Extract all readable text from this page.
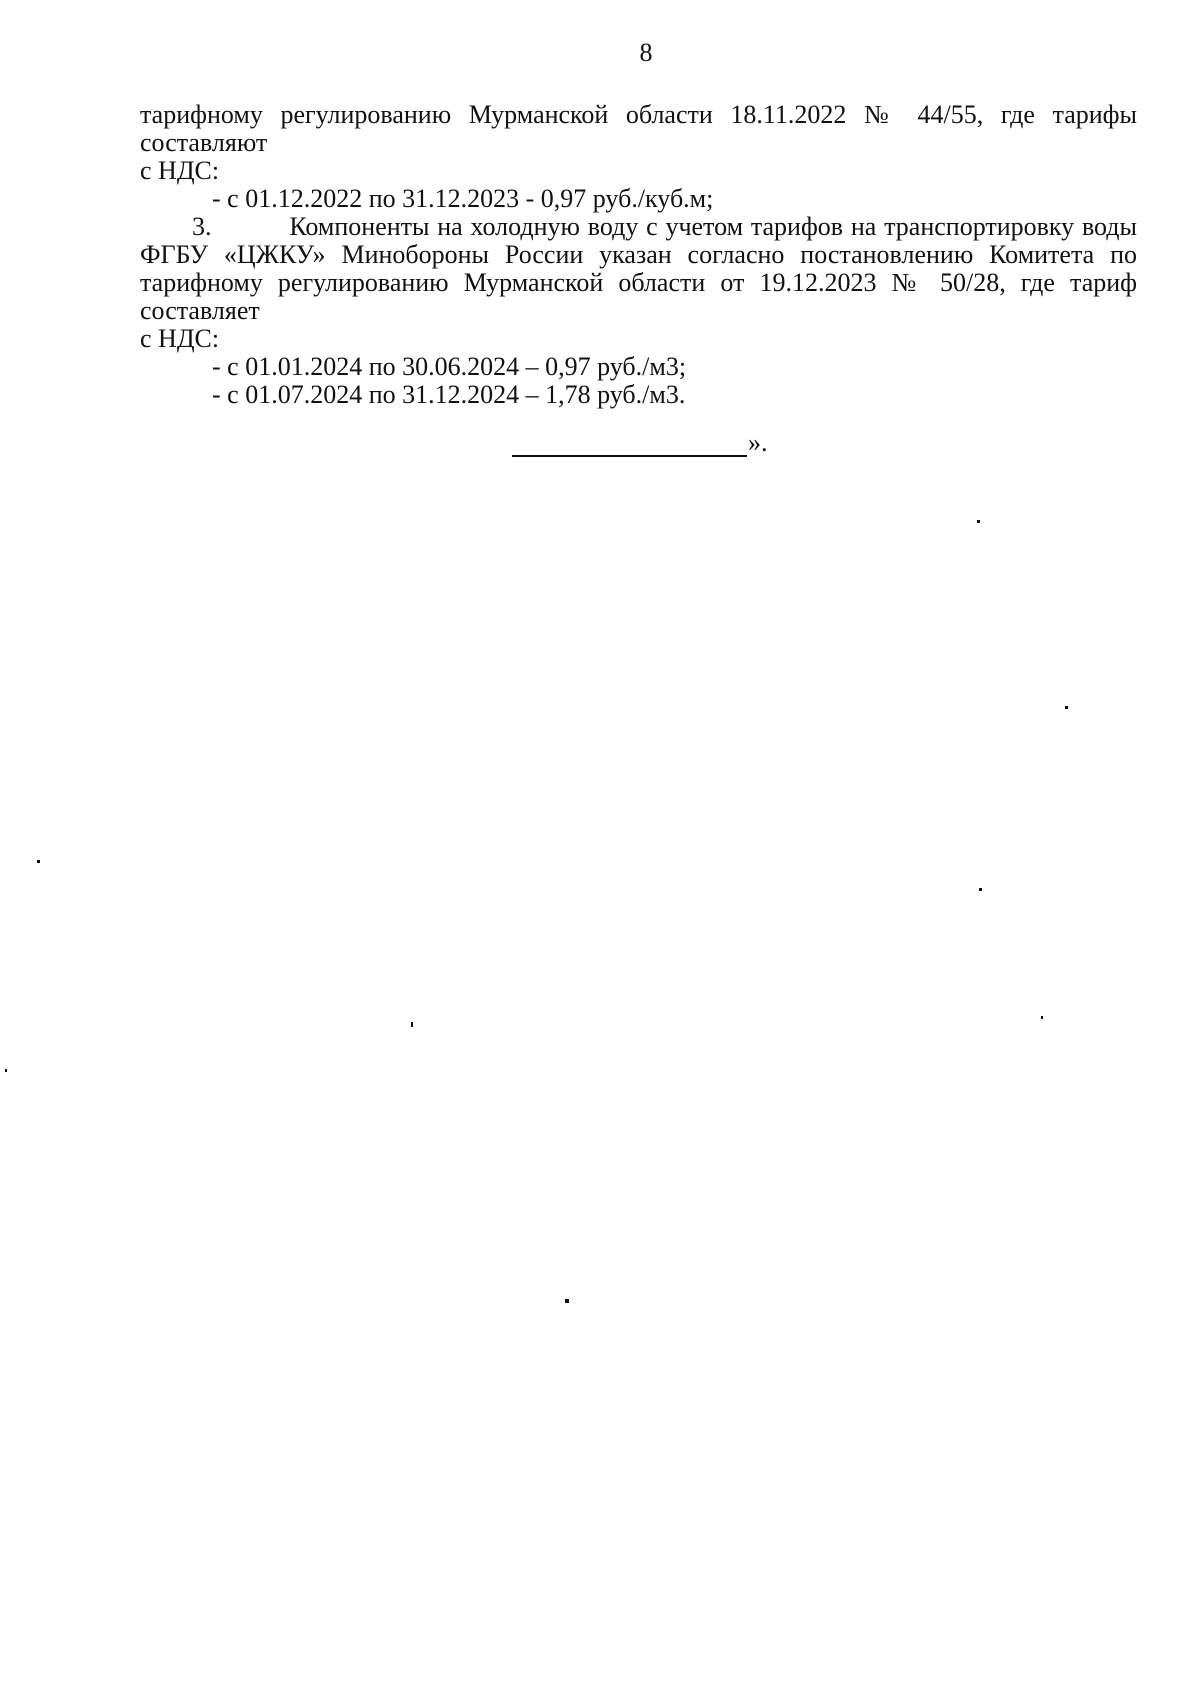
8
тарифному регулированию Мурманской области 18.11.2022 № 44/55, где тарифы составляют
с НДС:
- с 01.12.2022 по 31.12.2023 - 0,97 руб./куб.м;
3.          Компоненты на холодную воду с учетом тарифов на транспортировку воды
ФГБУ «ЦЖКУ» Минобороны России указан согласно постановлению Комитета по
тарифному регулированию Мурманской области от 19.12.2023 № 50/28, где тариф составляет
с НДС:
- с 01.01.2024 по 30.06.2024 – 0,97 руб./м3;
- с 01.07.2024 по 31.12.2024 – 1,78 руб./м3.
».
